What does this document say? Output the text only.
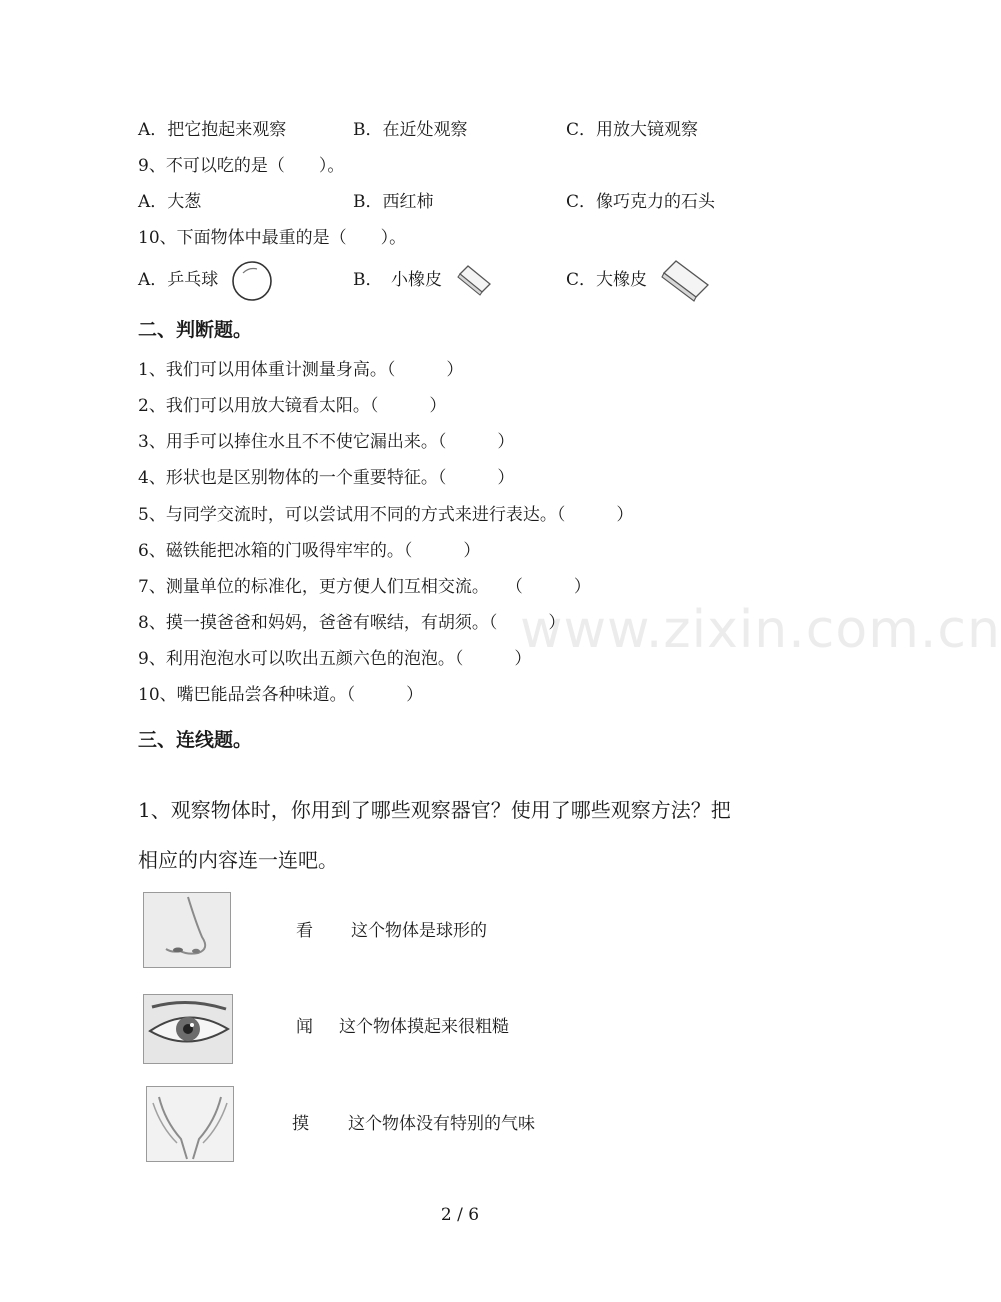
A．把它抱起来观察	B．在近处观察	C．用放大镜观察
9、不可以吃的是（　　）。
A．大葱	B．西红柿	C．像巧克力的石头
10、下面物体中最重的是（　　）。
A．乒乓球	B．　小橡皮	C．大橡皮
二、判断题。
1、我们可以用体重计测量身高。（　　　）
2、我们可以用放大镜看太阳。（　　　）
3、用手可以捧住水且不不使它漏出来。（　　　）
4、形状也是区别物体的一个重要特征。（　　　）
5、与同学交流时，可以尝试用不同的方式来进行表达。（　　　）
6、磁铁能把冰箱的门吸得牢牢的。（　　　）
7、测量单位的标准化，更方便人们互相交流。　　（　　　）
8、摸一摸爸爸和妈妈，爸爸有喉结，有胡须。（　　　）
9、利用泡泡水可以吹出五颜六色的泡泡。（　　　）
10、嘴巴能品尝各种味道。（　　　）
www.zixin.com.cn
三、连线题。
1、观察物体时，你用到了哪些观察器官？使用了哪些观察方法？把
相应的内容连一连吧。
看 这个物体是球形的
闻 这个物体摸起来很粗糙
摸 这个物体没有特别的气味
2 / 6
